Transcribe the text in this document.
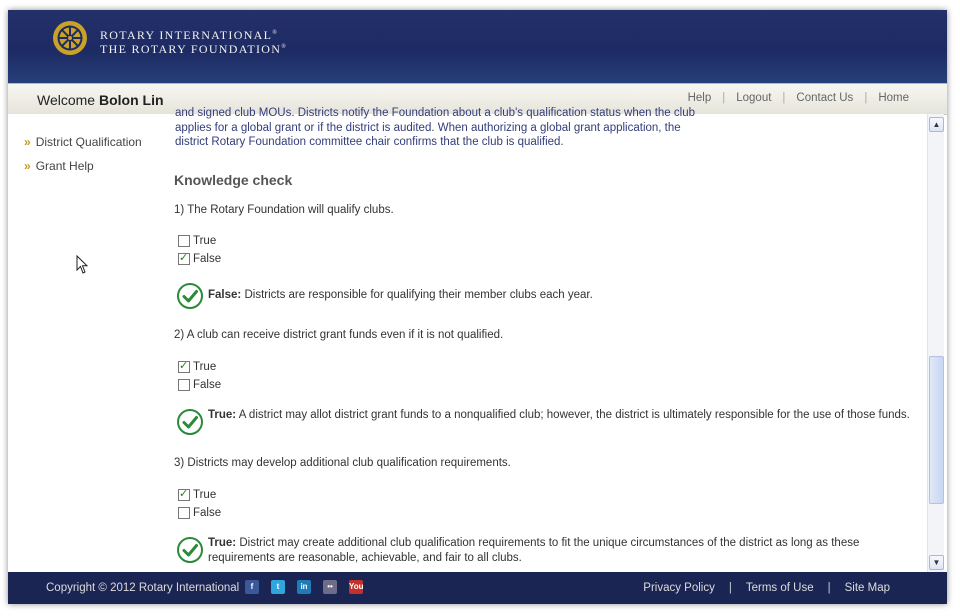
ROTARY INTERNATIONAL®
THE ROTARY FOUNDATION®
Welcome Bolon Lin	Help | Logout | Contact Us | Home
» District Qualification
» Grant Help
and signed club MOUs. Districts notify the Foundation about a club's qualification status when the club
applies for a global grant or if the district is audited. When authorizing a global grant application, the
district Rotary Foundation committee chair confirms that the club is qualified.
Knowledge check
1) The Rotary Foundation will qualify clubs.
True
✓
False
False: Districts are responsible for qualifying their member clubs each year.
2) A club can receive district grant funds even if it is not qualified.
✓
True
False
True: A district may allot district grant funds to a nonqualified club; however, the district is ultimately responsible for the use of those funds.
3) Districts may develop additional club qualification requirements.
✓
True
False
True: District may create additional club qualification requirements to fit the unique circumstances of the district as long as these requirements are reasonable, achievable, and fair to all clubs.
▲
▼
Copyright © 2012 Rotary International	f	t	in	••	You	Privacy Policy | Terms of Use | Site Map
